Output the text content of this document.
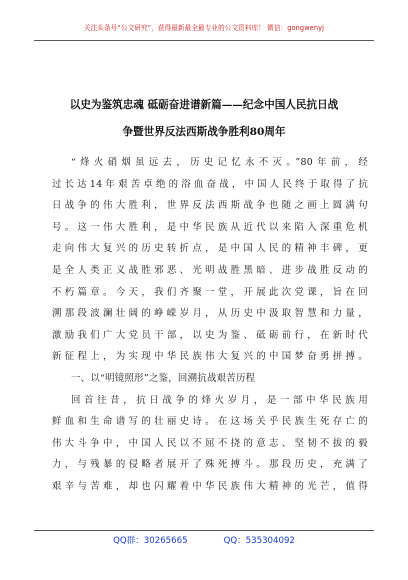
关注头条号“公文研究”，获得最新最全最专业的公文资料库！ 微信：gongwenyj
以史为鉴筑忠魂 砥砺奋进谱新篇——纪念中国人民抗日战
争暨世界反法西斯战争胜利80周年
“烽火硝烟虽远去，历史记忆永不灭。”80年前，经
过长达14年艰苦卓绝的浴血奋战，中国人民终于取得了抗
日战争的伟大胜利，世界反法西斯战争也随之画上圆满句
号。这一伟大胜利，是中华民族从近代以来陷入深重危机
走向伟大复兴的历史转折点，是中国人民的精神丰碑，更
是全人类正义战胜邪恶、光明战胜黑暗、进步战胜反动的
不朽篇章。今天，我们齐聚一堂，开展此次党课，旨在回
溯那段波澜壮阔的峥嵘岁月，从历史中汲取智慧和力量，
激励我们广大党员干部，以史为鉴、砥砺前行，在新时代
新征程上，为实现中华民族伟大复兴的中国梦奋勇拼搏。
一、以“明镜照形”之鉴，回溯抗战艰苦历程
回首往昔，抗日战争的烽火岁月，是一部中华民族用
鲜血和生命谱写的壮丽史诗。在这场关乎民族生死存亡的
伟大斗争中，中国人民以不屈不挠的意志、坚韧不拔的毅
力，与残暴的侵略者展开了殊死搏斗。那段历史，充满了
艰辛与苦难，却也闪耀着中华民族伟大精神的光芒，值得
QQ群：30265665	QQ：535304092
